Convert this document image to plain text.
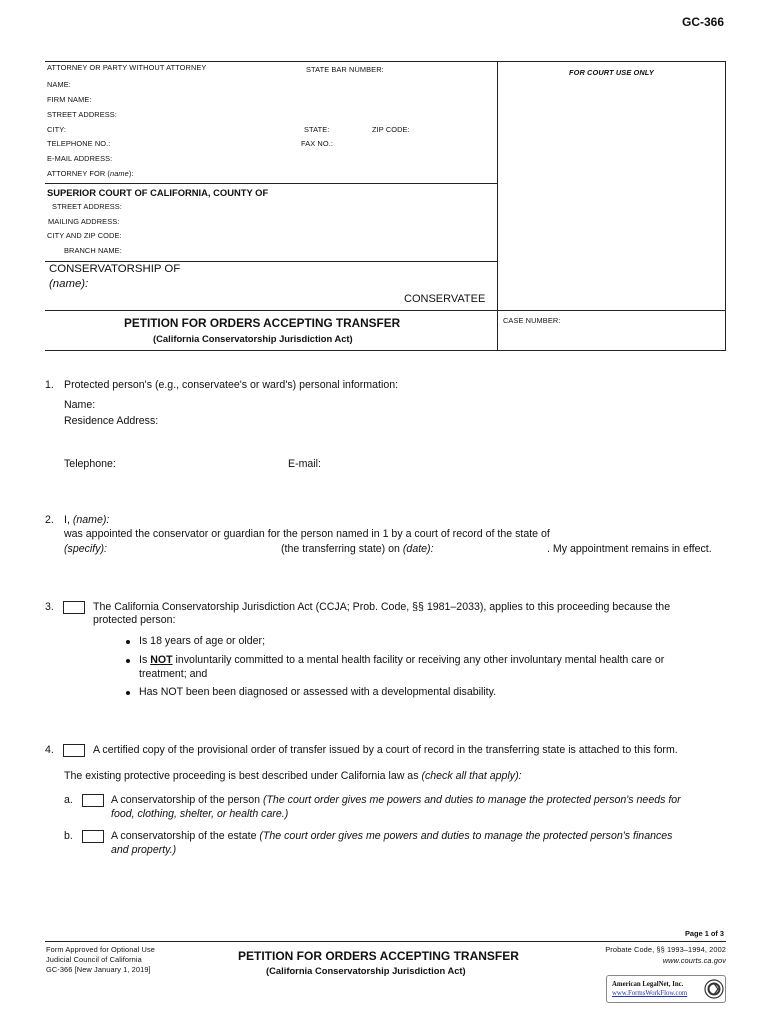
GC-366
ATTORNEY OR PARTY WITHOUT ATTORNEY	STATE BAR NUMBER:	FOR COURT USE ONLY
NAME:
FIRM NAME:
STREET ADDRESS:
CITY:	STATE:	ZIP CODE:
TELEPHONE NO.:	FAX NO.:
E-MAIL ADDRESS:
ATTORNEY FOR (name):
SUPERIOR COURT OF CALIFORNIA, COUNTY OF
STREET ADDRESS:
MAILING ADDRESS:
CITY AND ZIP CODE:
BRANCH NAME:
CONSERVATORSHIP OF
(name):
CONSERVATEE
PETITION FOR ORDERS ACCEPTING TRANSFER
(California Conservatorship Jurisdiction Act)
CASE NUMBER:
1. Protected person's (e.g., conservatee's or ward's) personal information:
Name:
Residence Address:
Telephone:	E-mail:
2. I, (name):
was appointed the conservator or guardian for the person named in 1 by a court of record of the state of
(specify):	(the transferring state) on (date):	. My appointment remains in effect.
3.	The California Conservatorship Jurisdiction Act (CCJA; Prob. Code, §§ 1981–2033), applies to this proceeding because the
protected person:
Is 18 years of age or older;
Is NOT involuntarily committed to a mental health facility or receiving any other involuntary mental health care or
treatment; and
Has NOT been been diagnosed or assessed with a developmental disability.
4.	A certified copy of the provisional order of transfer issued by a court of record in the transferring state is attached to this form.
The existing protective proceeding is best described under California law as (check all that apply):
a.	A conservatorship of the person (The court order gives me powers and duties to manage the protected person's needs for
food, clothing, shelter, or health care.)
b.	A conservatorship of the estate (The court order gives me powers and duties to manage the protected person's finances
and property.)
Page 1 of 3
Form Approved for Optional Use
Judicial Council of California
GC-366 [New January 1, 2019]
PETITION FOR ORDERS ACCEPTING TRANSFER
(California Conservatorship Jurisdiction Act)
Probate Code, §§ 1993–1994, 2002
www.courts.ca.gov
American LegalNet, Inc.
www.FormsWorkFlow.com
